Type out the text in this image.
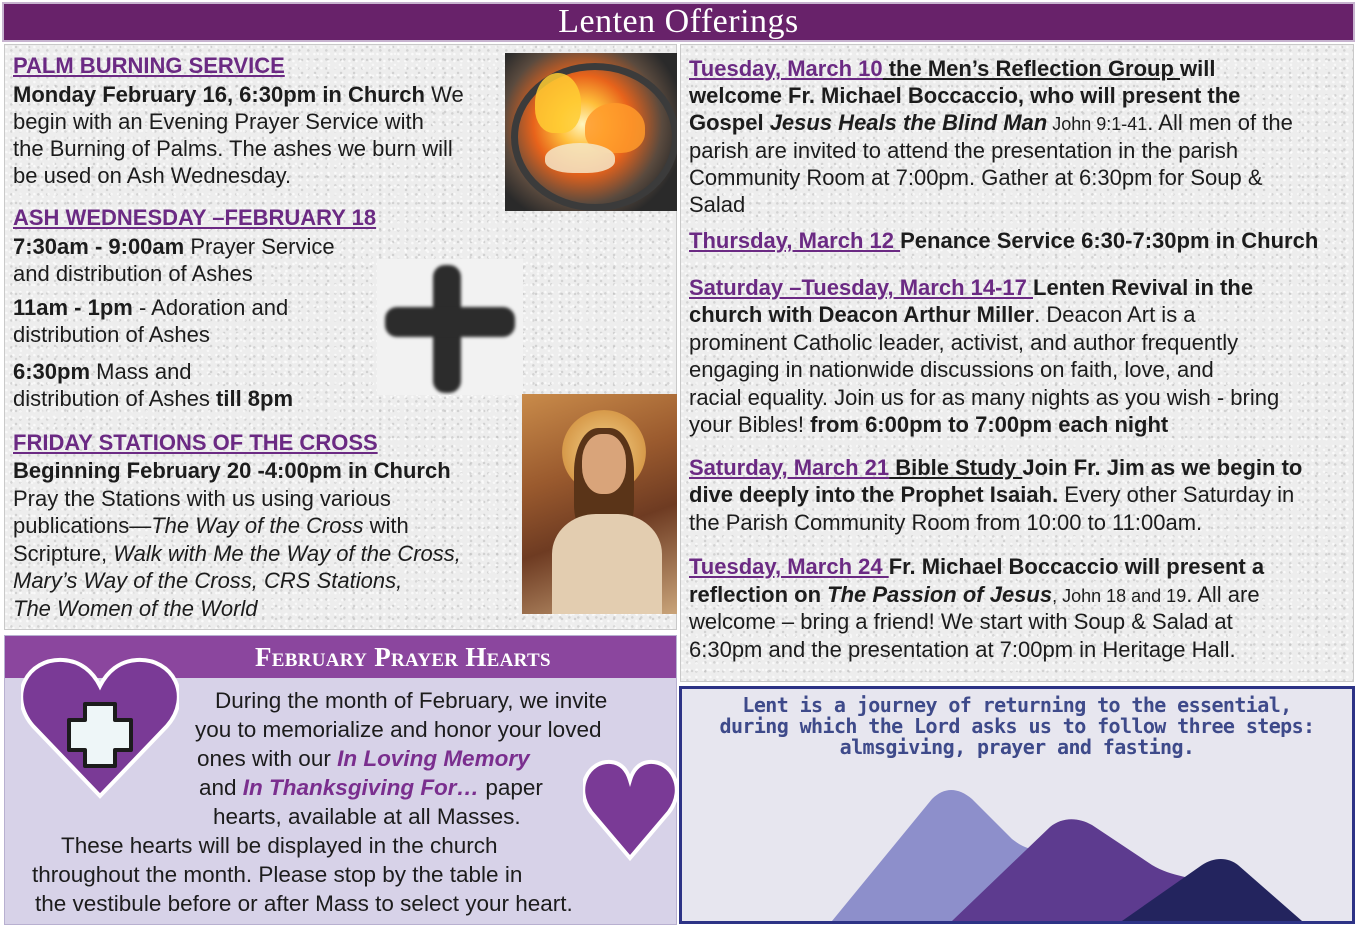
Lenten Offerings
PALM BURNING SERVICE
Monday February 16, 6:30pm in Church We
begin with an Evening Prayer Service with
the Burning of Palms. The ashes we burn will
be used on Ash Wednesday.
ASH WEDNESDAY –FEBRUARY 18
7:30am - 9:00am Prayer Service
and distribution of Ashes
11am - 1pm - Adoration and
distribution of Ashes
6:30pm Mass and
distribution of Ashes till 8pm
FRIDAY STATIONS OF THE CROSS
Beginning February 20 -4:00pm in Church
Pray the Stations with us using various
publications—The Way of the Cross with
Scripture, Walk with Me the Way of the Cross,
Mary’s Way of the Cross, CRS Stations,
The Women of the World
Tuesday, March 10 the Men’s Reflection Group will
welcome Fr. Michael Boccaccio, who will present the
Gospel Jesus Heals the Blind Man John 9:1-41. All men of the
parish are invited to attend the presentation in the parish
Community Room at 7:00pm. Gather at 6:30pm for Soup &
Salad
Thursday, March 12 Penance Service 6:30-7:30pm in Church
Saturday –Tuesday, March 14-17 Lenten Revival in the
church with Deacon Arthur Miller. Deacon Art is a
prominent Catholic leader, activist, and author frequently
engaging in nationwide discussions on faith, love, and
racial equality. Join us for as many nights as you wish - bring
your Bibles! from 6:00pm to 7:00pm each night
Saturday, March 21 Bible Study Join Fr. Jim as we begin to
dive deeply into the Prophet Isaiah. Every other Saturday in
the Parish Community Room from 10:00 to 11:00am.
Tuesday, March 24 Fr. Michael Boccaccio will present a
reflection on The Passion of Jesus, John 18 and 19. All are
welcome – bring a friend! We start with Soup & Salad at
6:30pm and the presentation at 7:00pm in Heritage Hall.
February Prayer Hearts
During the month of February, we invite
you to memorialize and honor your loved
ones with our In Loving Memory
and In Thanksgiving For… paper
hearts, available at all Masses.
These hearts will be displayed in the church
throughout the month. Please stop by the table in
the vestibule before or after Mass to select your heart.
Lent is a journey of returning to the essential,
during which the Lord asks us to follow three steps:
almsgiving, prayer and fasting.
